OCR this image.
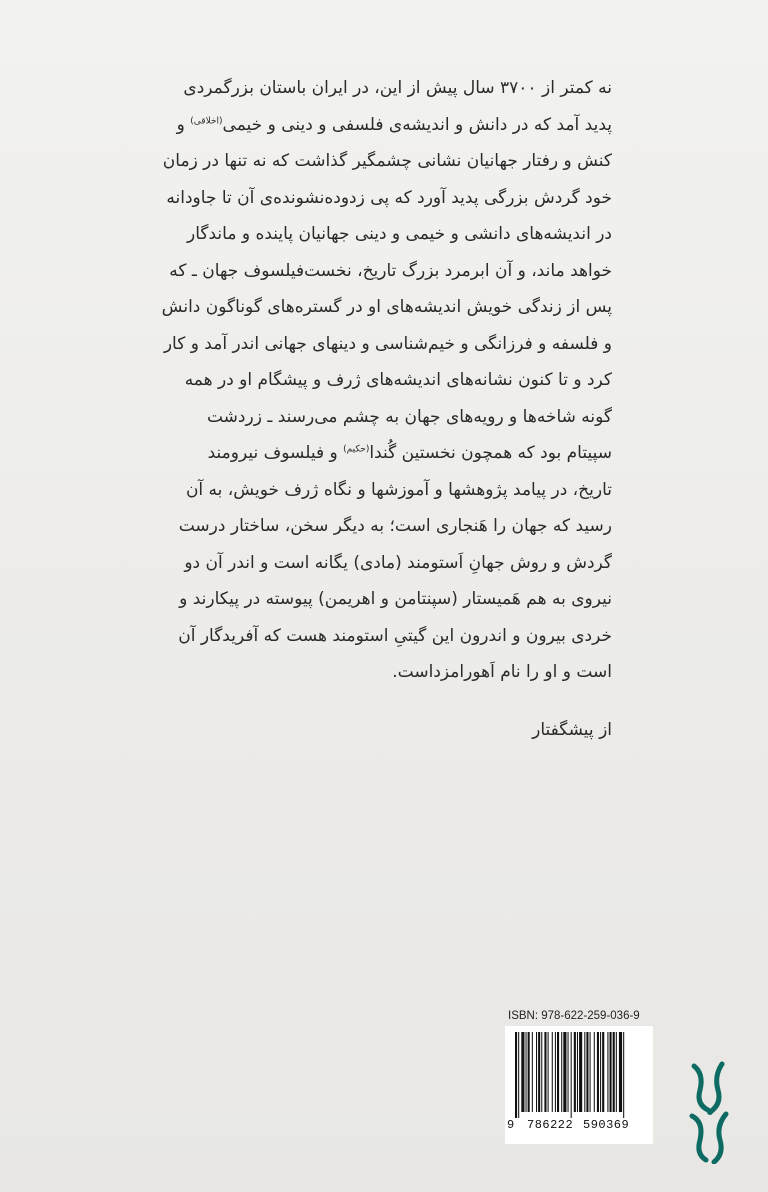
نه کمتر از ۳۷۰۰ سال پیش از این، در ایران باستان بزرگمردی

پدید آمد که در دانش و اندیشه‌ی فلسفی و دینی و خیمی$^{(اخلاقی)}$ و

کنش و رفتار جهانیان نشانی چشمگیر گذاشت که نه تنها در زمان

خود گردش بزرگی پدید آورد که پی زدوده‌نشونده‌ی آن تا جاودانه

در اندیشه‌های دانشی و خیمی و دینی جهانیان پاینده و ماندگار

خواهد ماند، و آن ابرمرد بزرگ تاریخ، نخست‌فیلسوف جهان ـ که

پس از زندگی خویش اندیشه‌های او در گستره‌های گوناگون دانش

و فلسفه و فرزانگی و خیم‌شناسی و دینهای جهانی اندر آمد و کار

کرد و تا کنون نشانه‌های اندیشه‌های ژرف و پیشگام او در همه

گونه شاخه‌ها و رویه‌های جهان به چشم می‌رسند ـ زردشت

سپیتام بود که همچون نخستین گُندا$^{(حکیم)}$ و فیلسوف نیرومند

تاریخ، در پیامد پژوهشها و آموزشها و نگاه ژرف خویش، به آن

رسید که جهان را هَنجاری است؛ به دیگر سخن، ساختار درست

گردش و روش جهانِ اَستومند (مادی) یگانه است و اندر آن دو

نیروی به هم هَمیستار (سپنتامن و اهریمن) پیوسته در پیکارند و

خردی بیرون و اندرون این گیتیِ استومند هست که آفریدگار آن

است و او را نام اَهورامزداست.

از پیشگفتار
ISBN: 978-622-259-036-9
9 786222 590369
